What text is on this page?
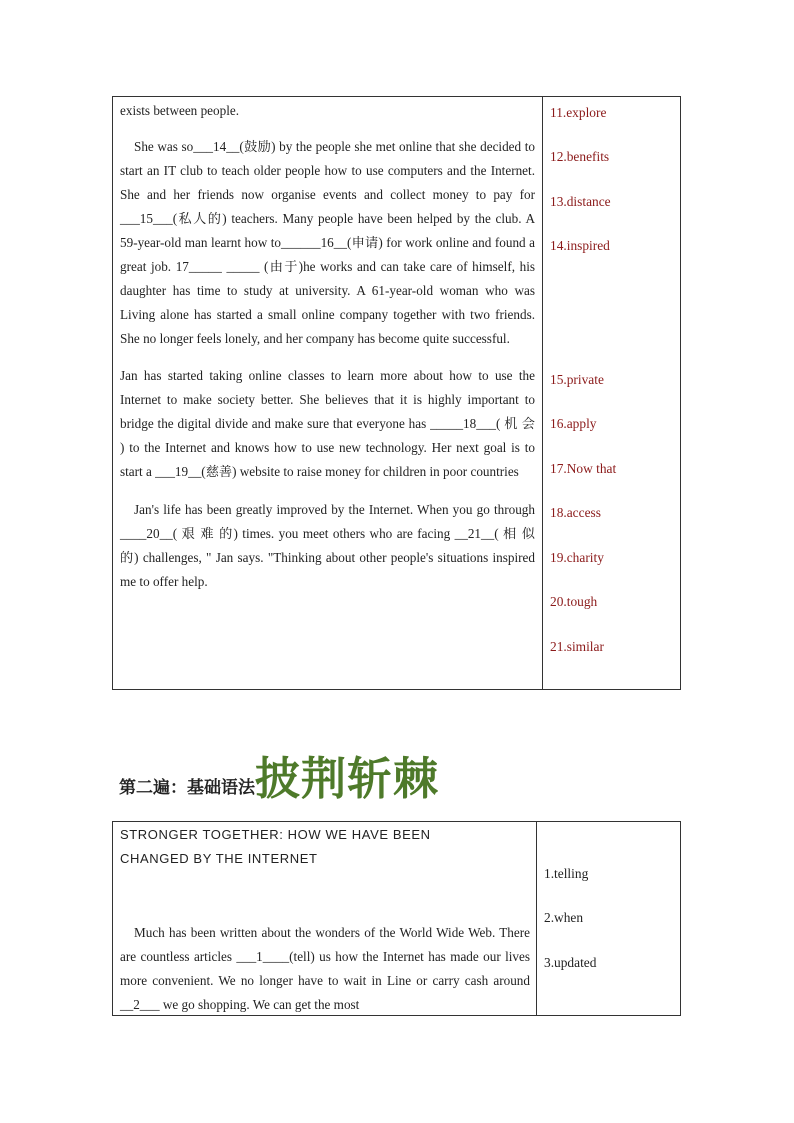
exists between people.

She was so___14__(鼓励) by the people she met online that she decided to start an IT club to teach older people how to use computers and the Internet. She and her friends now organise events and collect money to pay for ___15___(私人的) teachers. Many people have been helped by the club. A 59-year-old man learnt how to______16__(申请) for work online and found a great job. 17_____ _____ (由于)he works and can take care of himself, his daughter has time to study at university. A 61-year-old woman who was Living alone has started a small online company together with two friends. She no longer feels lonely, and her company has become quite successful.

Jan has started taking online classes to learn more about how to use the Internet to make society better. She believes that it is highly important to bridge the digital divide and make sure that everyone has _____18___( 机 会 ) to the Internet and knows how to use new technology. Her next goal is to start a ___19__(慈善) website to raise money for children in poor countries

Jan's life has been greatly improved by the Internet. When you go through ____20__( 艰 难 的) times. you meet others who are facing __21__( 相 似 的) challenges, " Jan says. "Thinking about other people's situations inspired me to offer help.

11.explore
12.benefits
13.distance
14.inspired
15.private
16.apply
17.Now that
18.access
19.charity
20.tough
21.similar
第二遍：基础语法 披荆斩棘

STRONGER TOGETHER: HOW WE HAVE BEEN

CHANGED BY THE INTERNET

Much has been written about the wonders of the World Wide Web. There are countless articles ___1____(tell) us how the Internet has made our lives more convenient. We no longer have to wait in Line or carry cash around __2___ we go shopping. We can get the most

1.telling
2.when
3.updated
